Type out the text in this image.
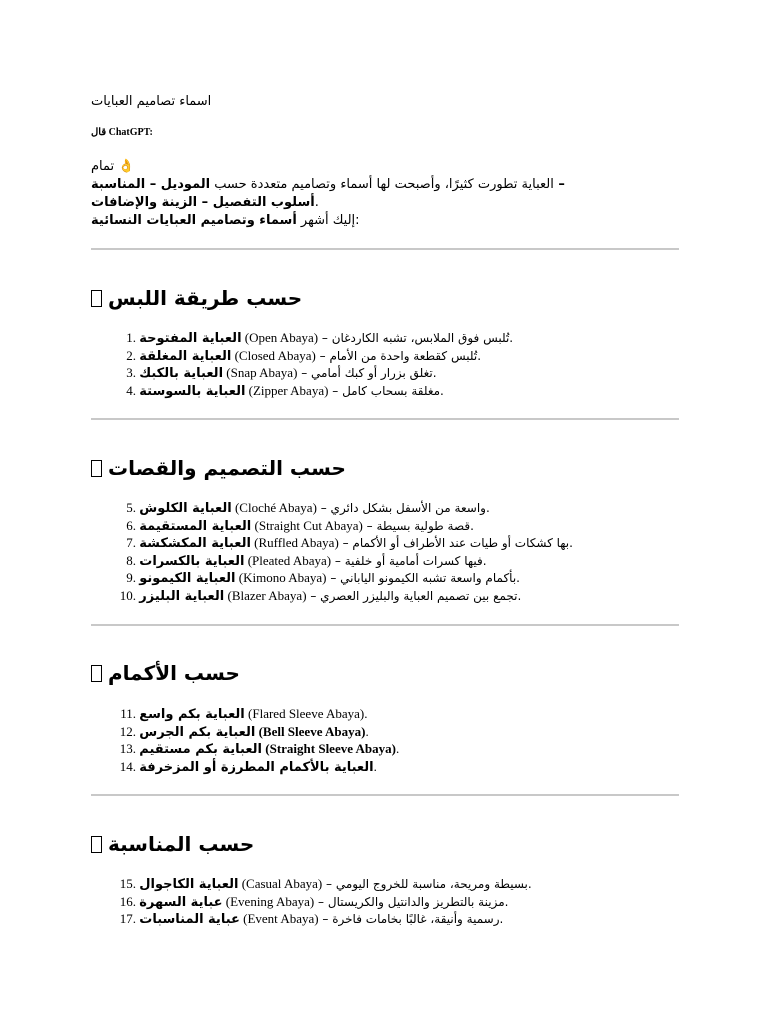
اسماء تصاميم العبايات
قال ChatGPT:
تمام 👌
العباية تطورت كثيرًا، وأصبحت لها أسماء وتصاميم متعددة حسب الموديل – المناسبة –
أسلوب التفصيل – الزينة والإضافات.
إليك أشهر أسماء وتصاميم العبايات النسائية	:
حسب طريقة اللبس
1. العباية المفتوحة (Open Abaya) – تُلبس فوق الملابس، تشبه الكاردغان.
2. العباية المغلقة (Closed Abaya) – تُلبس كقطعة واحدة من الأمام.
3. العباية بالكبك (Snap Abaya) – تغلق بزرار أو كبك أمامي.
4. العباية بالسوستة (Zipper Abaya) – مغلقة بسحاب كامل.
حسب التصميم والقصات
5. العباية الكلوش (Cloché Abaya) – واسعة من الأسفل بشكل دائري.
6. العباية المستقيمة (Straight Cut Abaya) – قصة طولية بسيطة.
7. العباية المكشكشة (Ruffled Abaya) – بها كشكات أو طيات عند الأطراف أو الأكمام.
8. العباية بالكسرات (Pleated Abaya) – فيها كسرات أمامية أو خلفية.
9. العباية الكيمونو (Kimono Abaya) – بأكمام واسعة تشبه الكيمونو الياباني.
10. العباية البليزر (Blazer Abaya) – تجمع بين تصميم العباية والبليزر العصري.
حسب الأكمام
11. العباية بكم واسع (Flared Sleeve Abaya).
12. العباية بكم الجرس (Bell Sleeve Abaya).
13. العباية بكم مستقيم (Straight Sleeve Abaya).
14. العباية بالأكمام المطرزة أو المزخرفة.
حسب المناسبة
15. العباية الكاجوال (Casual Abaya) – بسيطة ومريحة، مناسبة للخروج اليومي.
16. عباية السهرة (Evening Abaya) – مزينة بالتطريز والدانتيل والكريستال.
17. عباية المناسبات (Event Abaya) – رسمية وأنيقة، غالبًا بخامات فاخرة.
